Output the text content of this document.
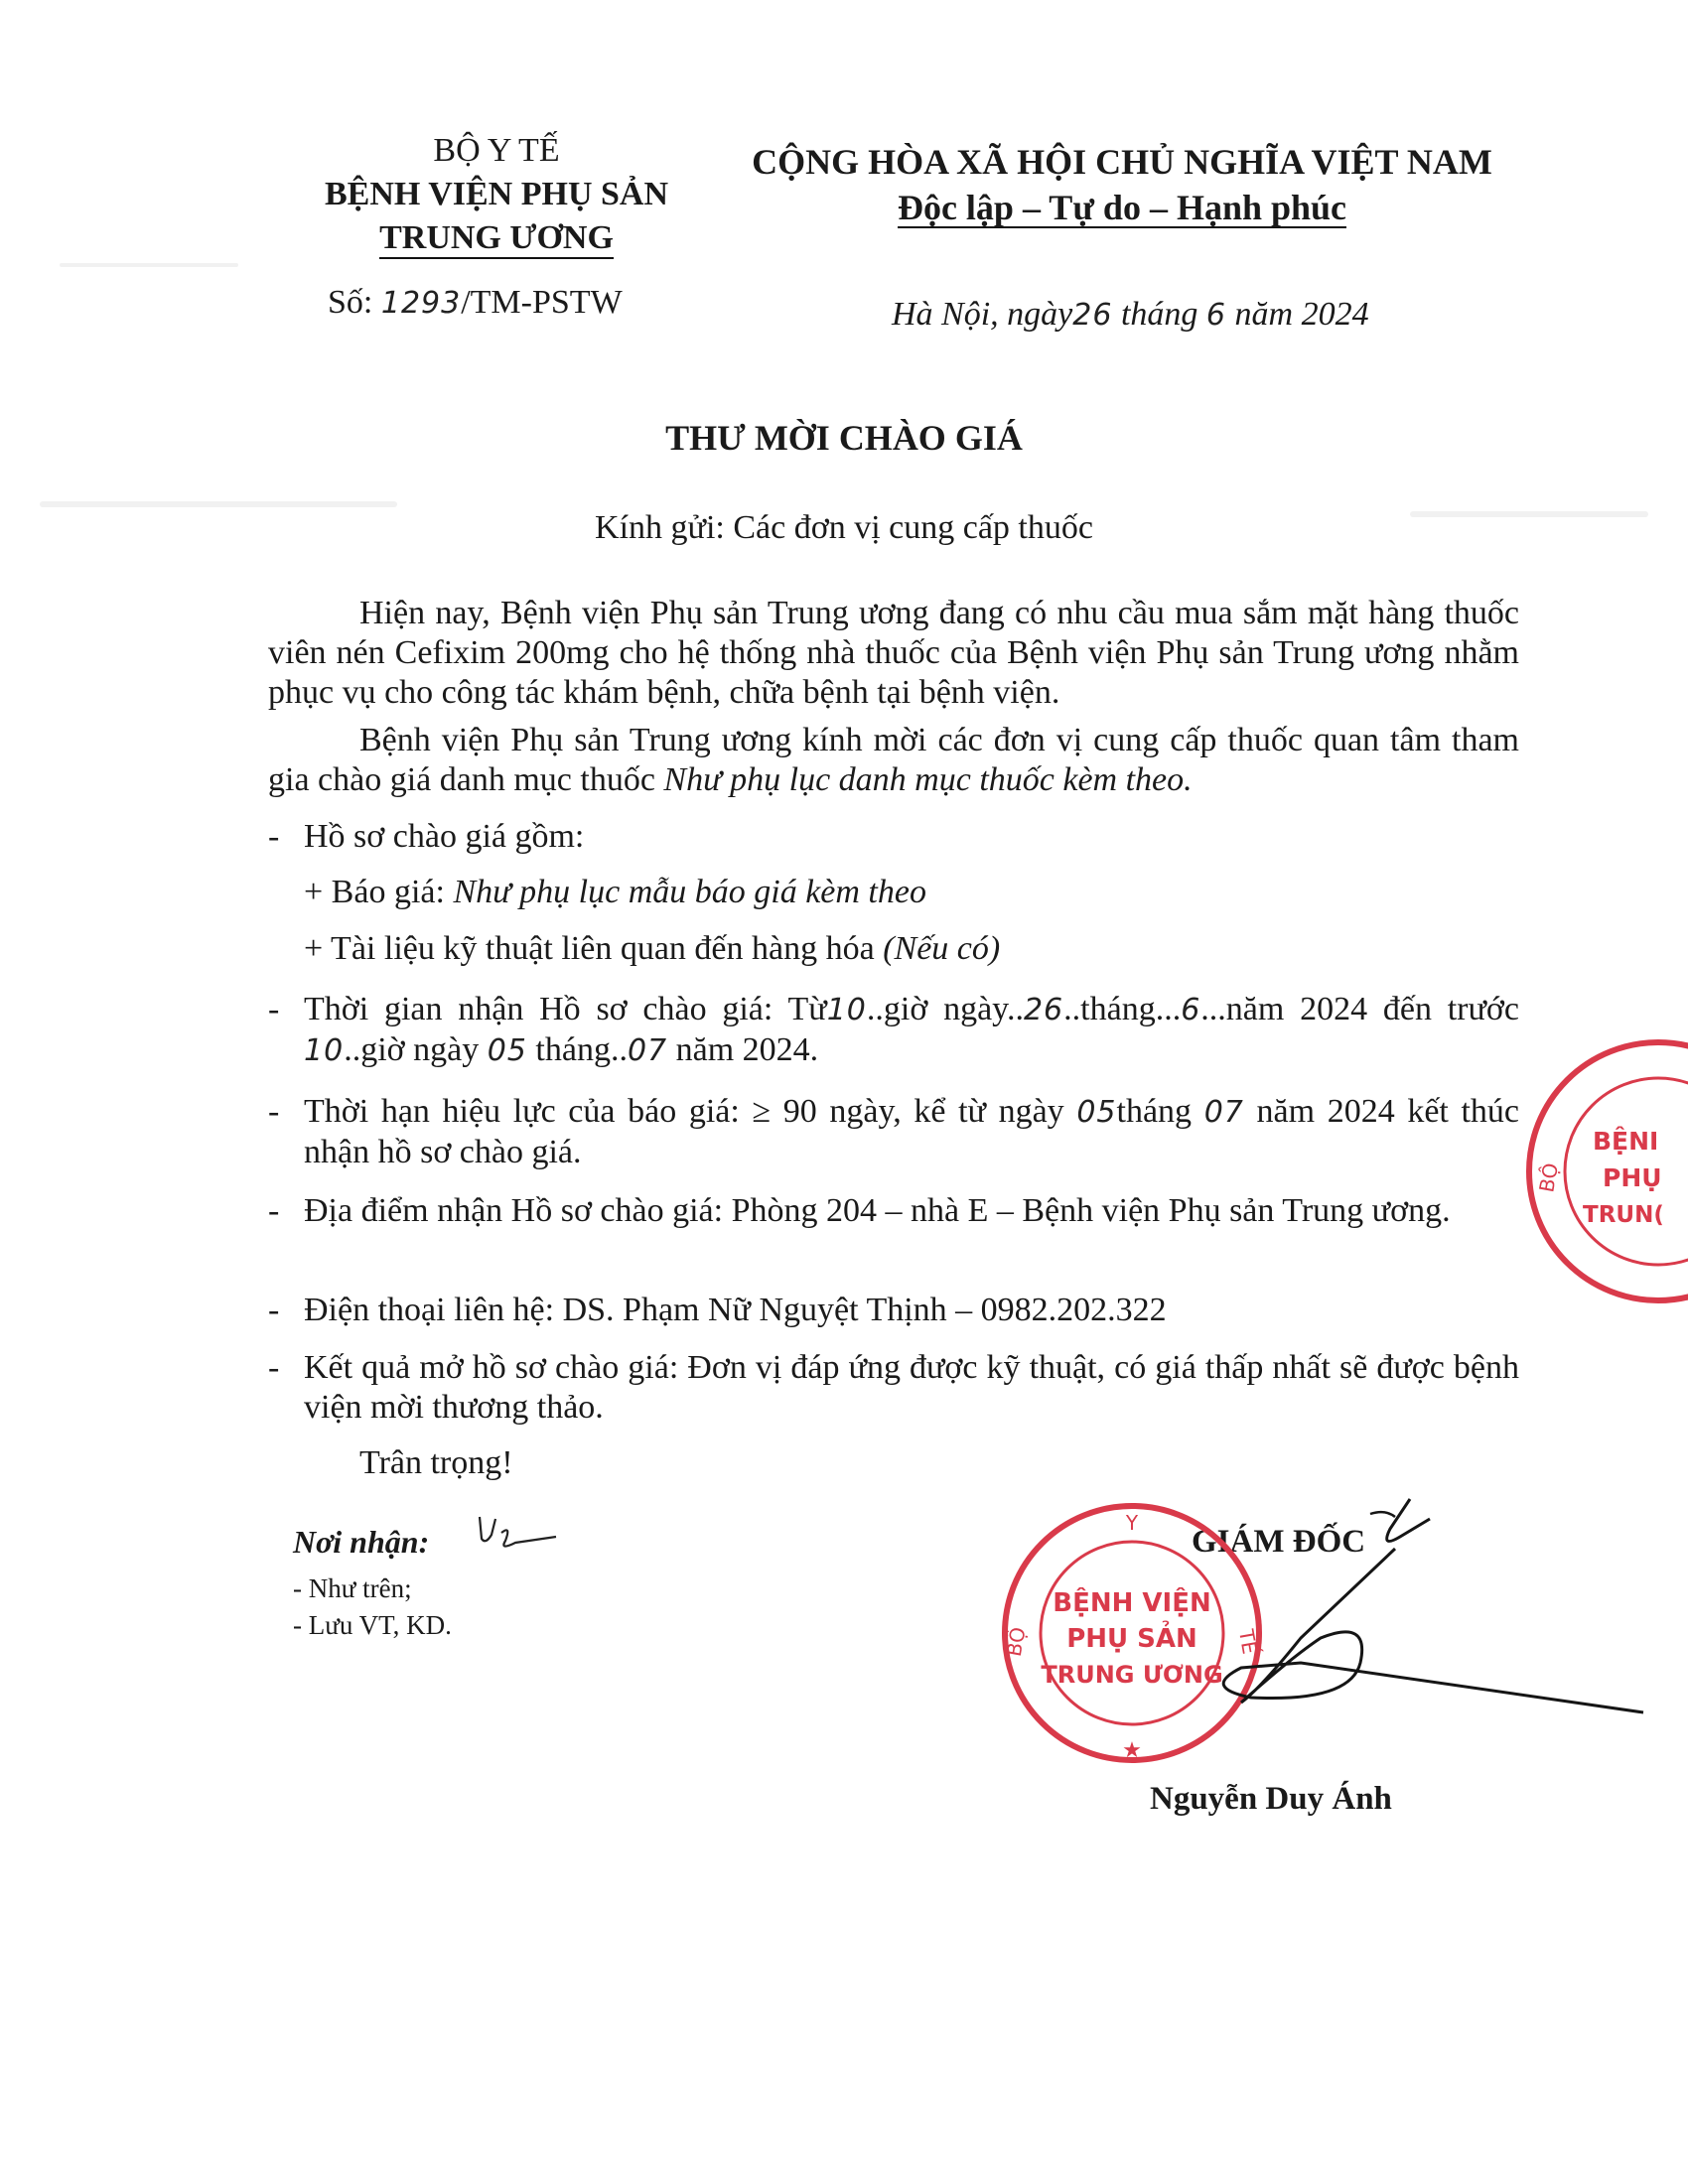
BỘ Y TẾ
BỆNH VIỆN PHỤ SẢN
TRUNG ƯƠNG
CỘNG HÒA XÃ HỘI CHỦ NGHĨA VIỆT NAM
Độc lập – Tự do – Hạnh phúc
Số: 1293/TM-PSTW	Hà Nội, ngày26 tháng 6 năm 2024
THƯ MỜI CHÀO GIÁ
Kính gửi: Các đơn vị cung cấp thuốc
Hiện nay, Bệnh viện Phụ sản Trung ương đang có nhu cầu mua sắm mặt hàng thuốc viên nén Cefixim 200mg cho hệ thống nhà thuốc của Bệnh viện Phụ sản Trung ương nhằm phục vụ cho công tác khám bệnh, chữa bệnh tại bệnh viện.
Bệnh viện Phụ sản Trung ương kính mời các đơn vị cung cấp thuốc quan tâm tham gia chào giá danh mục thuốc Như phụ lục danh mục thuốc kèm theo.
- Hồ sơ chào giá gồm:
+ Báo giá: Như phụ lục mẫu báo giá kèm theo
+ Tài liệu kỹ thuật liên quan đến hàng hóa (Nếu có)
- Thời gian nhận Hồ sơ chào giá: Từ10..giờ ngày..26..tháng...6...năm 2024 đến trước 10..giờ ngày 05 tháng..07 năm 2024.
- Thời hạn hiệu lực của báo giá: ≥ 90 ngày, kể từ ngày 05tháng 07 năm 2024 kết thúc nhận hồ sơ chào giá.
- Địa điểm nhận Hồ sơ chào giá: Phòng 204 – nhà E – Bệnh viện Phụ sản Trung ương.
- Điện thoại liên hệ: DS. Phạm Nữ Nguyệt Thịnh – 0982.202.322
- Kết quả mở hồ sơ chào giá: Đơn vị đáp ứng được kỹ thuật, có giá thấp nhất sẽ được bệnh viện mời thương thảo.
Trân trọng!
Nơi nhận:
- Như trên;
- Lưu VT, KD.
GIÁM ĐỐC
Nguyễn Duy Ánh
Y
BỘ	TẾ
★
BỆNH VIỆN
PHỤ SẢN
TRUNG ƯƠNG
BỆNI
PHỤ
TRUN(
BỘ
